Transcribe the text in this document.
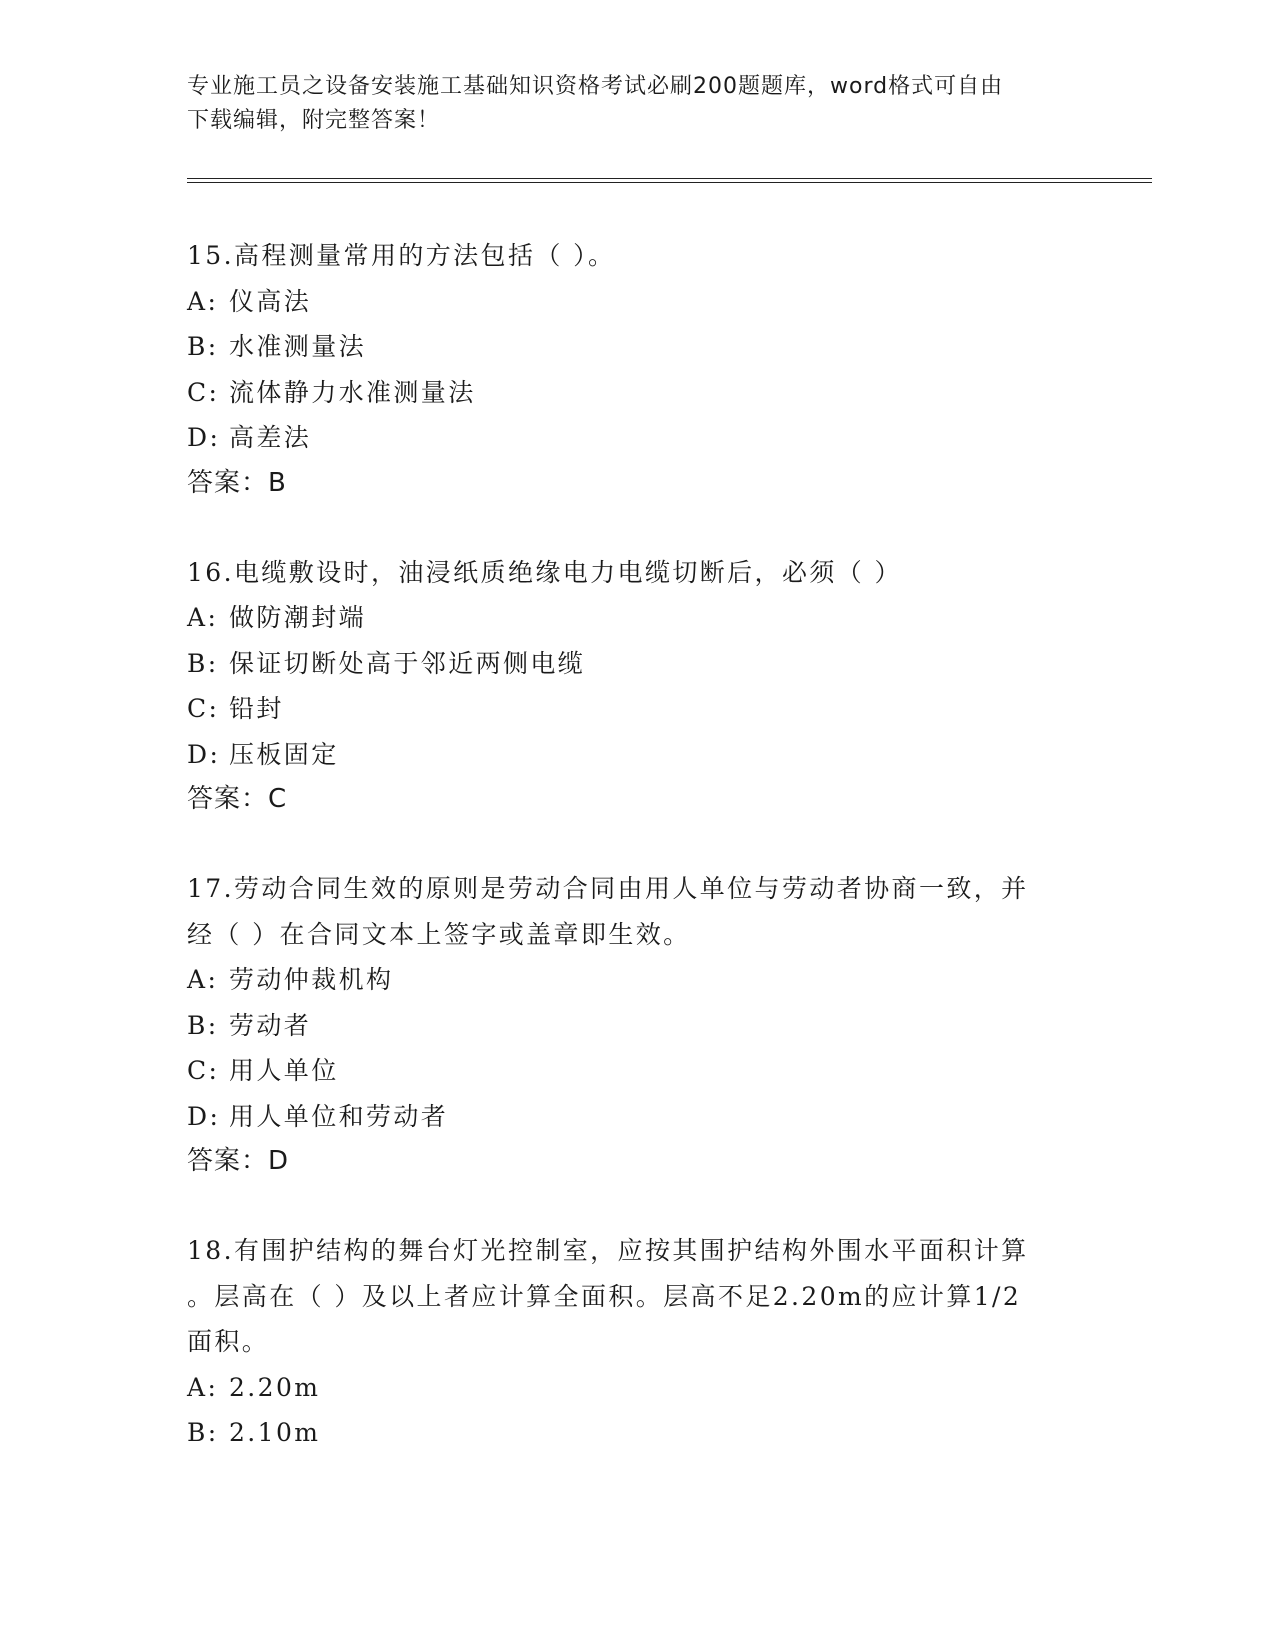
专业施工员之设备安装施工基础知识资格考试必刷200题题库，word格式可自由
下载编辑，附完整答案！

15.高程测量常用的方法包括（ ）。

A: 仪高法

B: 水准测量法

C: 流体静力水准测量法

D: 高差法

答案：B

16.电缆敷设时，油浸纸质绝缘电力电缆切断后，必须（ ）

A: 做防潮封端

B: 保证切断处高于邻近两侧电缆

C: 铅封

D: 压板固定

答案：C

17.劳动合同生效的原则是劳动合同由用人单位与劳动者协商一致，并

经（ ）在合同文本上签字或盖章即生效。

A: 劳动仲裁机构

B: 劳动者

C: 用人单位

D: 用人单位和劳动者

答案：D

18.有围护结构的舞台灯光控制室，应按其围护结构外围水平面积计算

。层高在（ ）及以上者应计算全面积。层高不足2.20m的应计算1/2

面积。

A: 2.20m

B: 2.10m
